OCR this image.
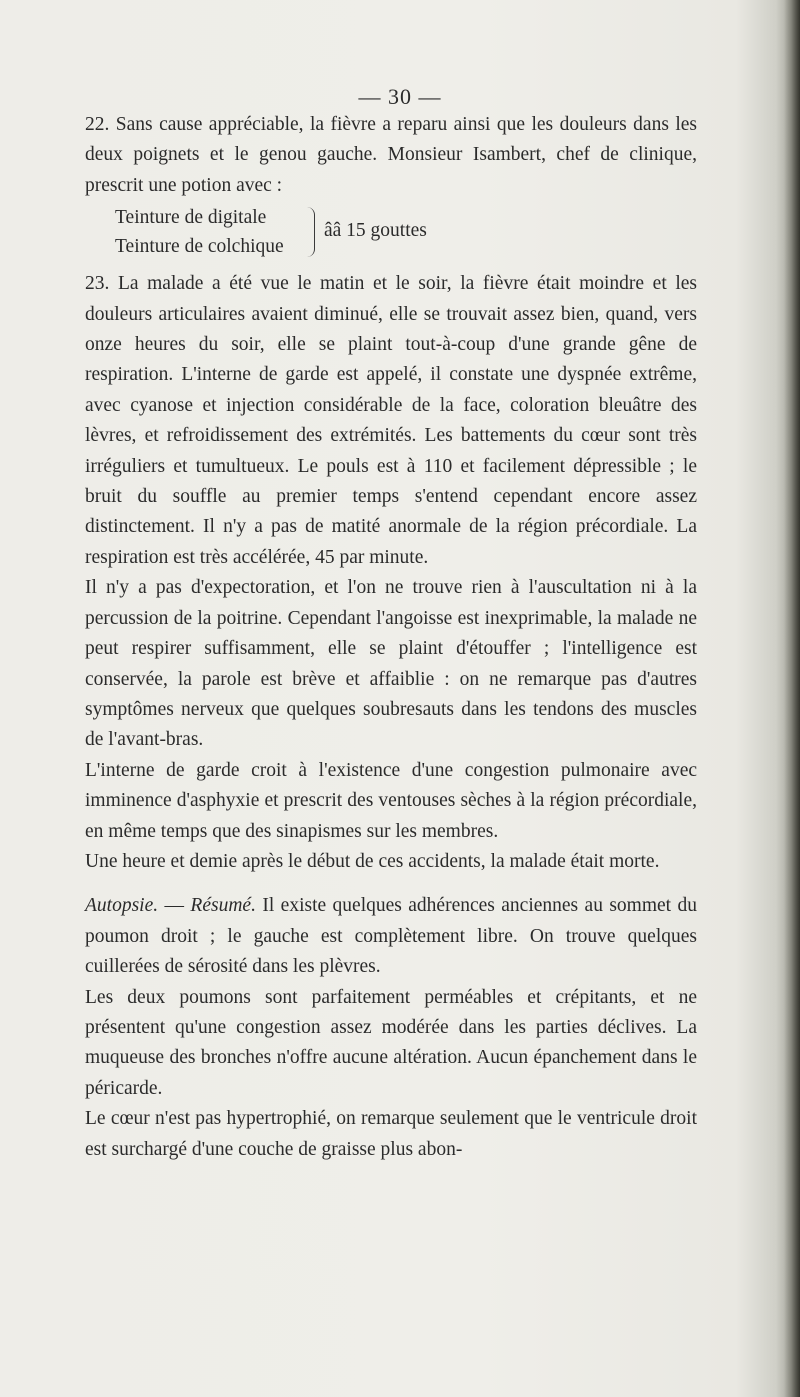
— 30 —

22. Sans cause appréciable, la fièvre a reparu ainsi que les douleurs dans les deux poignets et le genou gauche. Monsieur Isambert, chef de clinique, prescrit une potion avec :

Teinture de digitale
Teinture de colchique
ââ 15 gouttes

23. La malade a été vue le matin et le soir, la fièvre était moindre et les douleurs articulaires avaient diminué, elle se trouvait assez bien, quand, vers onze heures du soir, elle se plaint tout-à-coup d'une grande gêne de respiration. L'interne de garde est appelé, il constate une dyspnée extrême, avec cyanose et injection considérable de la face, coloration bleuâtre des lèvres, et refroidissement des extrémités. Les battements du cœur sont très irréguliers et tumultueux. Le pouls est à 110 et facilement dépressible ; le bruit du souffle au premier temps s'entend cependant encore assez distinctement. Il n'y a pas de matité anormale de la région précordiale. La respiration est très accélérée, 45 par minute.

Il n'y a pas d'expectoration, et l'on ne trouve rien à l'auscultation ni à la percussion de la poitrine. Cependant l'angoisse est inexprimable, la malade ne peut respirer suffisamment, elle se plaint d'étouffer ; l'intelligence est conservée, la parole est brève et affaiblie : on ne remarque pas d'autres symptômes nerveux que quelques soubresauts dans les tendons des muscles de l'avant-bras.

L'interne de garde croit à l'existence d'une congestion pulmonaire avec imminence d'asphyxie et prescrit des ventouses sèches à la région précordiale, en même temps que des sinapismes sur les membres.

Une heure et demie après le début de ces accidents, la malade était morte.

Autopsie. — Résumé. Il existe quelques adhérences anciennes au sommet du poumon droit ; le gauche est complètement libre. On trouve quelques cuillerées de sérosité dans les plèvres.

Les deux poumons sont parfaitement perméables et crépitants, et ne présentent qu'une congestion assez modérée dans les parties déclives. La muqueuse des bronches n'offre aucune altération. Aucun épanchement dans le péricarde.

Le cœur n'est pas hypertrophié, on remarque seulement que le ventricule droit est surchargé d'une couche de graisse plus abon-
